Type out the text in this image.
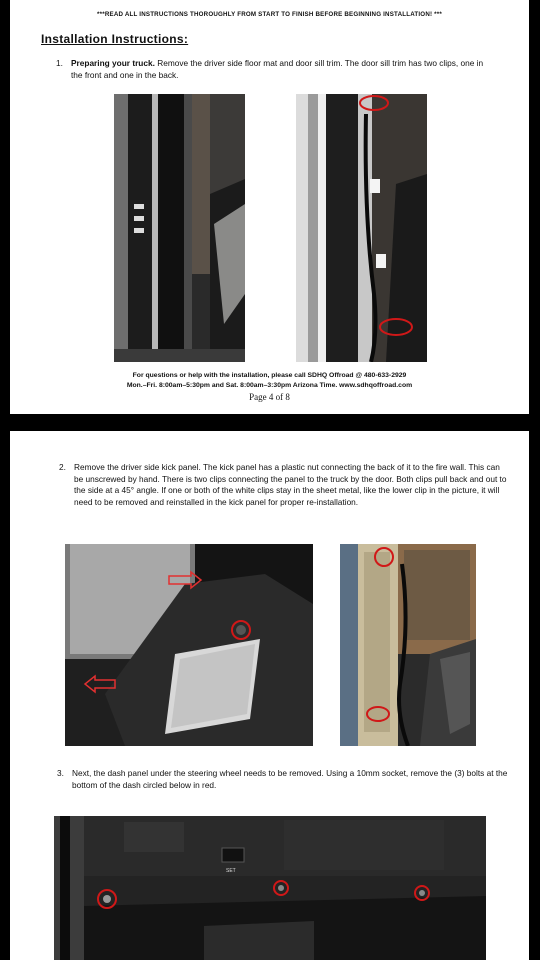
***READ ALL INSTRUCTIONS THOROUGHLY FROM START TO FINISH BEFORE BEGINNING INSTALLATION! ***
Installation Instructions:
1. Preparing your truck. Remove the driver side floor mat and door sill trim. The door sill trim has two clips, one in the front and one in the back.
For questions or help with the installation, please call SDHQ Offroad @ 480-633-2929
Mon.–Fri. 8:00am–5:30pm and Sat. 8:00am–3:30pm Arizona Time. www.sdhqoffroad.com
Page 4 of 8
2. Remove the driver side kick panel. The kick panel has a plastic nut connecting the back of it to the fire wall. This can be unscrewed by hand. There is two clips connecting the panel to the truck by the door. Both clips pull back and out to the side at a 45° angle. If one or both of the white clips stay in the sheet metal, like the lower clip in the picture, it will need to be removed and reinstalled in the kick panel for proper re-installation.
3. Next, the dash panel under the steering wheel needs to be removed. Using a 10mm socket, remove the (3) bolts at the bottom of the dash circled below in red.
SET
